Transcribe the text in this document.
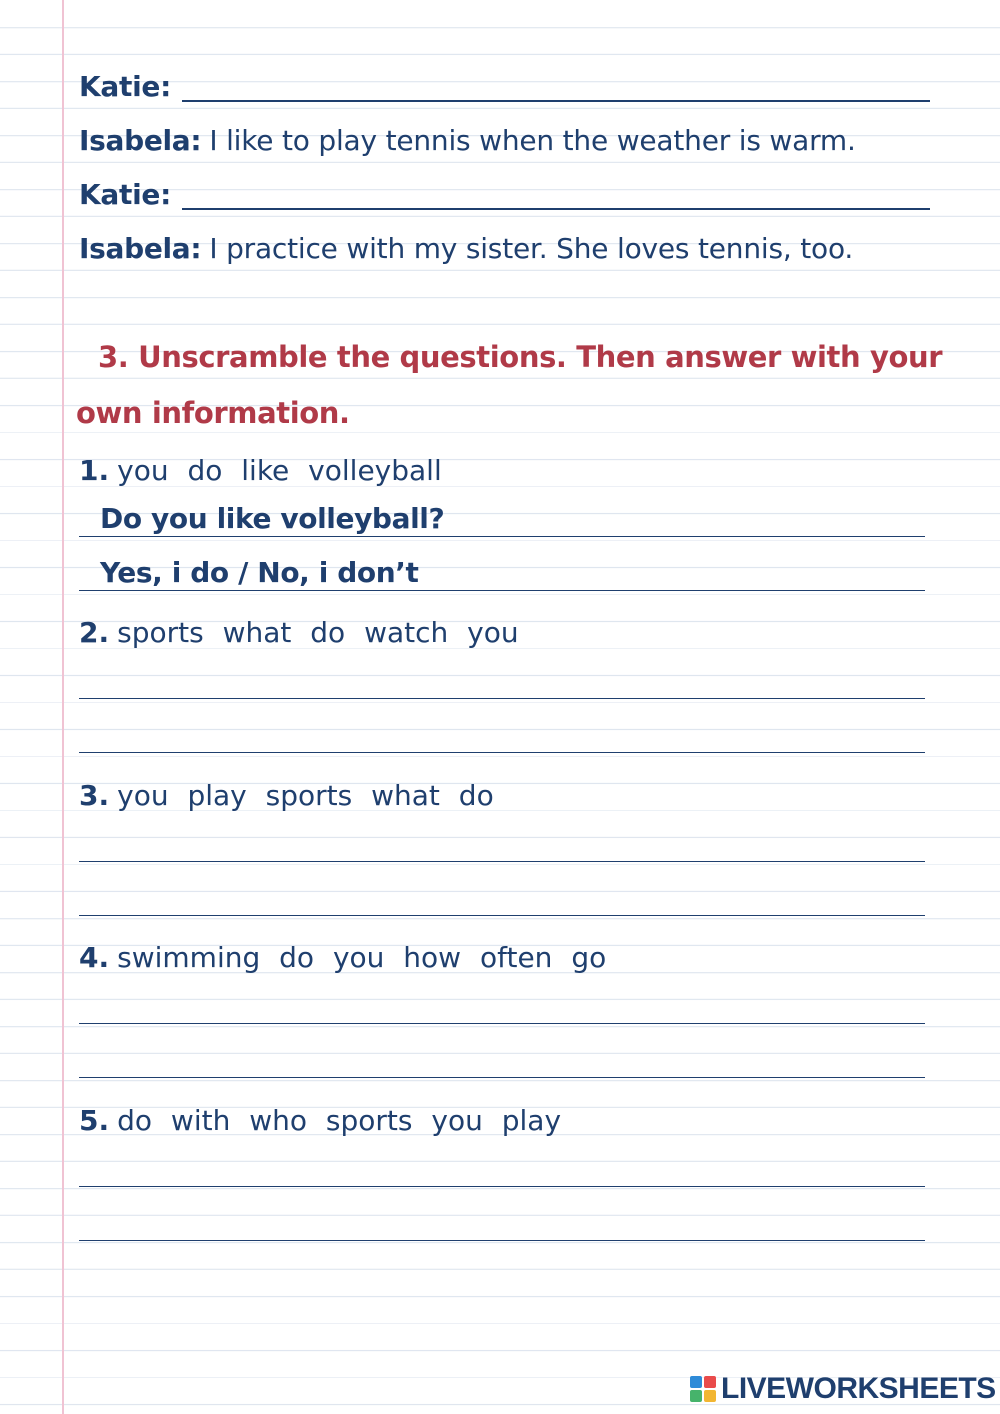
Katie:
Isabela: I like to play tennis when the weather is warm.
Katie:
Isabela: I practice with my sister. She loves tennis, too.
3. Unscramble the questions. Then answer with your
own information.
1. you do like volleyball
Do you like volleyball?
Yes, i do / No, i don’t
2. sports what do watch you
3. you play sports what do
4. swimming do you how often go
5. do with who sports you play
LIVEWORKSHEETS
